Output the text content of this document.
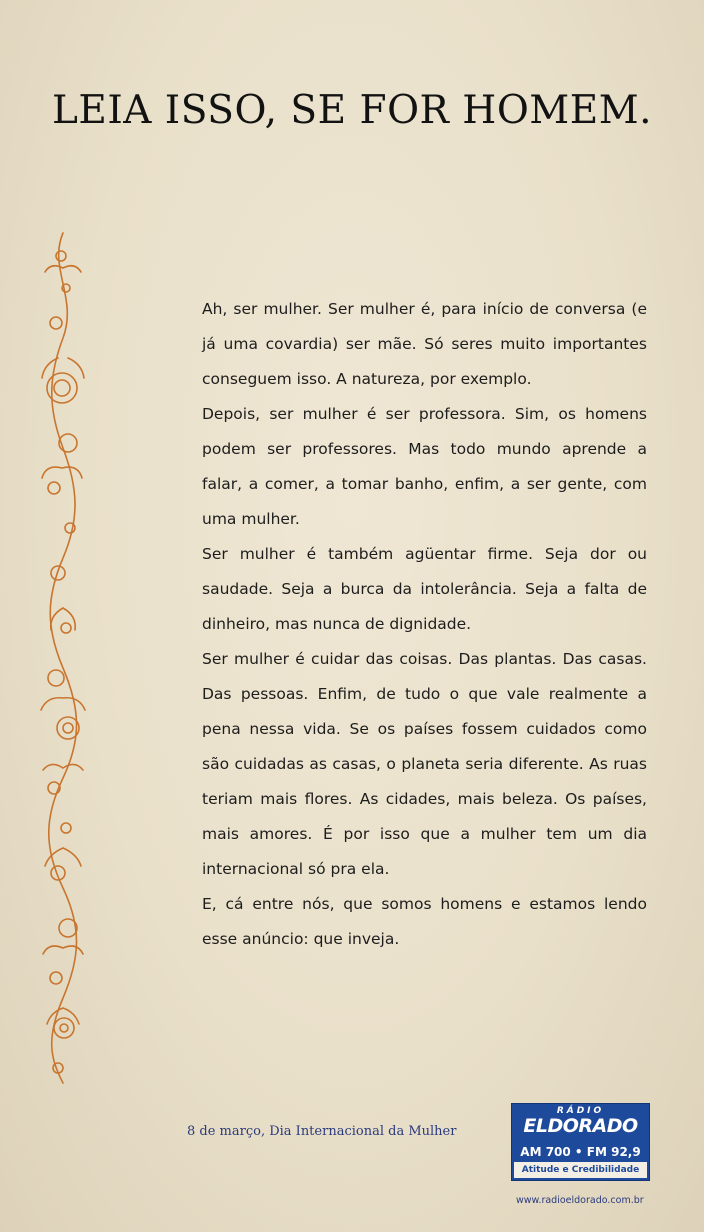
LEIA ISSO, SE FOR HOMEM.

Ah, ser mulher. Ser mulher é, para início de conversa (e já uma covardia) ser mãe. Só seres muito importantes conseguem isso. A natureza, por exemplo.

Depois, ser mulher é ser professora. Sim, os homens podem ser professores. Mas todo mundo aprende a falar, a comer, a tomar banho, enfim, a ser gente, com uma mulher.

Ser mulher é também agüentar firme. Seja dor ou saudade. Seja a burca da intolerância. Seja a falta de dinheiro, mas nunca de dignidade.

Ser mulher é cuidar das coisas. Das plantas. Das casas. Das pessoas. Enfim, de tudo o que vale realmente a pena nessa vida. Se os países fossem cuidados como são cuidadas as casas, o planeta seria diferente. As ruas teriam mais flores. As cidades, mais beleza. Os países, mais amores. É por isso que a mulher tem um dia internacional só pra ela.

E, cá entre nós, que somos homens e estamos lendo esse anúncio: que inveja.

8 de março, Dia Internacional da Mulher
RÁDIO
ELDORADO
AM 700 • FM 92,9
Atitude e Credibilidade
www.radioeldorado.com.br
